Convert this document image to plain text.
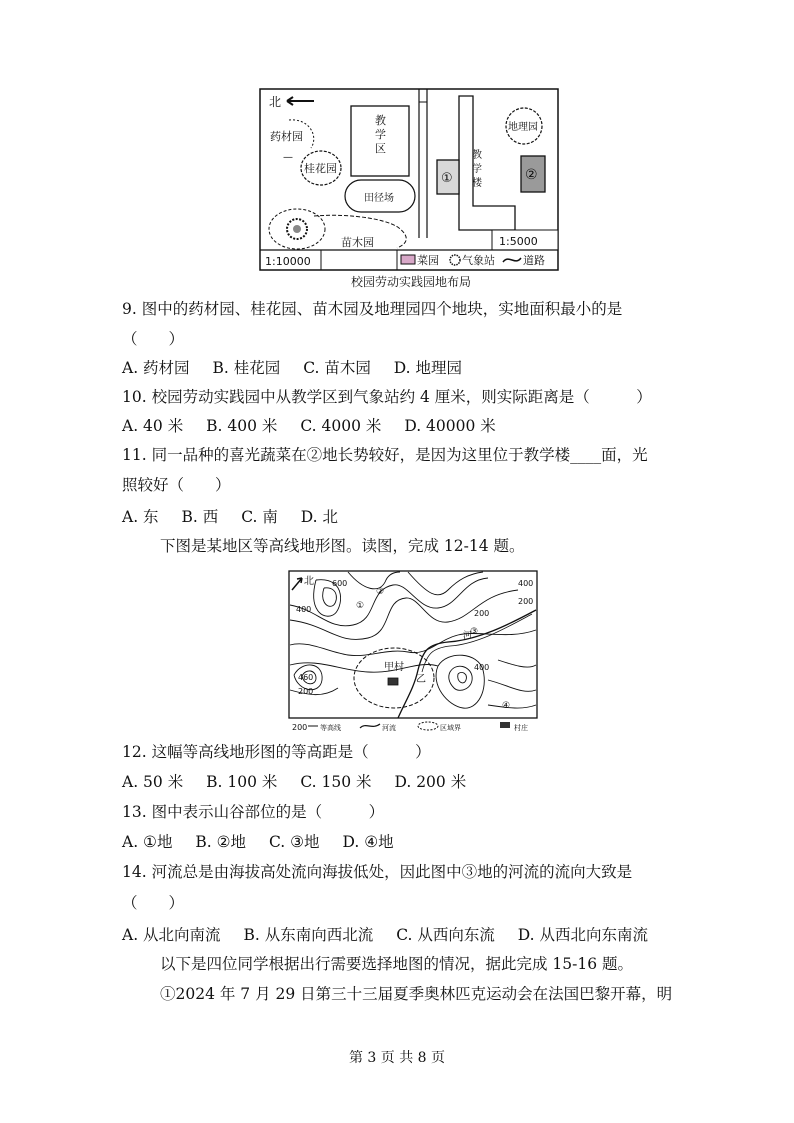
北
教
学
区
药材园
—
桂花园
田径场
苗木园
教
学
楼
①
地理园
②
1:5000
1:10000	菜园 气象站	道路
校园劳动实践园地布局
9. 图中的药材园、桂花园、苗木园及地理园四个地块，实地面积最小的是
（　　）
A. 药材园 B. 桂花园 C. 苗木园 D. 地理园
10. 校园劳动实践园中从教学区到气象站约 4 厘米，则实际距离是（　　　）
A. 40 米 B. 400 米 C. 4000 米 D. 40000 米
11. 同一品种的喜光蔬菜在②地长势较好，是因为这里位于教学楼____面，光
照较好（　　）
A. 东 B. 西 C. 南 D. 北
下图是某地区等高线地形图。读图，完成 12-14 题。
北 600
400
400
200
200
400
460
200
河
甲村
乙
①
②
③
④
200 等高线	河流	区域界	村庄
12. 这幅等高线地形图的等高距是（　　　）
A. 50 米 B. 100 米 C. 150 米 D. 200 米
13. 图中表示山谷部位的是（　　　）
A. ①地 B. ②地 C. ③地 D. ④地
14. 河流总是由海拔高处流向海拔低处，因此图中③地的河流的流向大致是
（　　）
A. 从北向南流 B. 从东南向西北流 C. 从西向东流 D. 从西北向东南流
以下是四位同学根据出行需要选择地图的情况，据此完成 15-16 题。
①2024 年 7 月 29 日第三十三届夏季奥林匹克运动会在法国巴黎开幕，明
第 3 页 共 8 页
